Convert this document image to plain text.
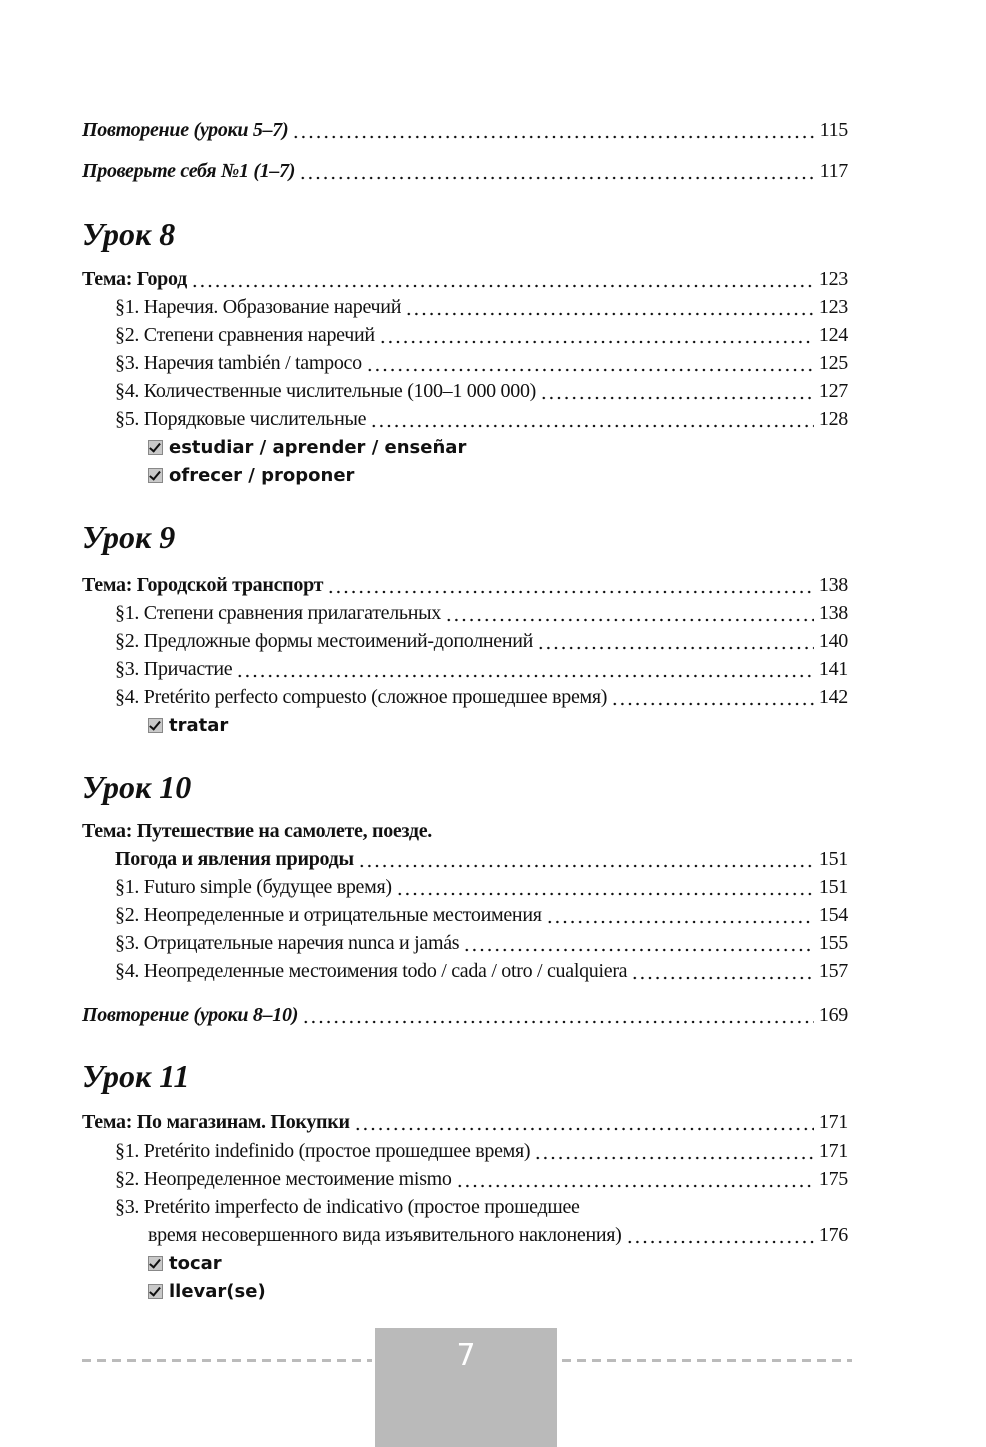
Повторение (уроки 5–7)	115
Проверьте себя №1 (1–7)	117
Урок 8
Тема: Город	123
§1. Наречия. Образование наречий	123
§2. Степени сравнения наречий	124
§3. Наречия también / tampoco	125
§4. Количественные числительные (100–1 000 000)	127
§5. Порядковые числительные	128
estudiar / aprender / enseñar
ofrecer / proponer
Урок 9
Тема: Городской транспорт	138
§1. Степени сравнения прилагательных	138
§2. Предложные формы местоимений-дополнений	140
§3. Причастие	141
§4. Pretérito perfecto compuesto (сложное прошедшее время)	142
tratar
Урок 10
Тема: Путешествие на самолете, поезде.
Погода и явления природы	151
§1. Futuro simple (будущее время)	151
§2. Неопределенные и отрицательные местоимения	154
§3. Отрицательные наречия nunca и jamás	155
§4. Неопределенные местоимения todo / cada / otro / cualquiera	157
Повторение (уроки 8–10)	169
Урок 11
Тема: По магазинам. Покупки	171
§1. Pretérito indefinido (простое прошедшее время)	171
§2. Неопределенное местоимение mismo	175
§3. Pretérito imperfecto de indicativo (простое прошедшее
время несовершенного вида изъявительного наклонения)	176
tocar
llevar(se)
7
